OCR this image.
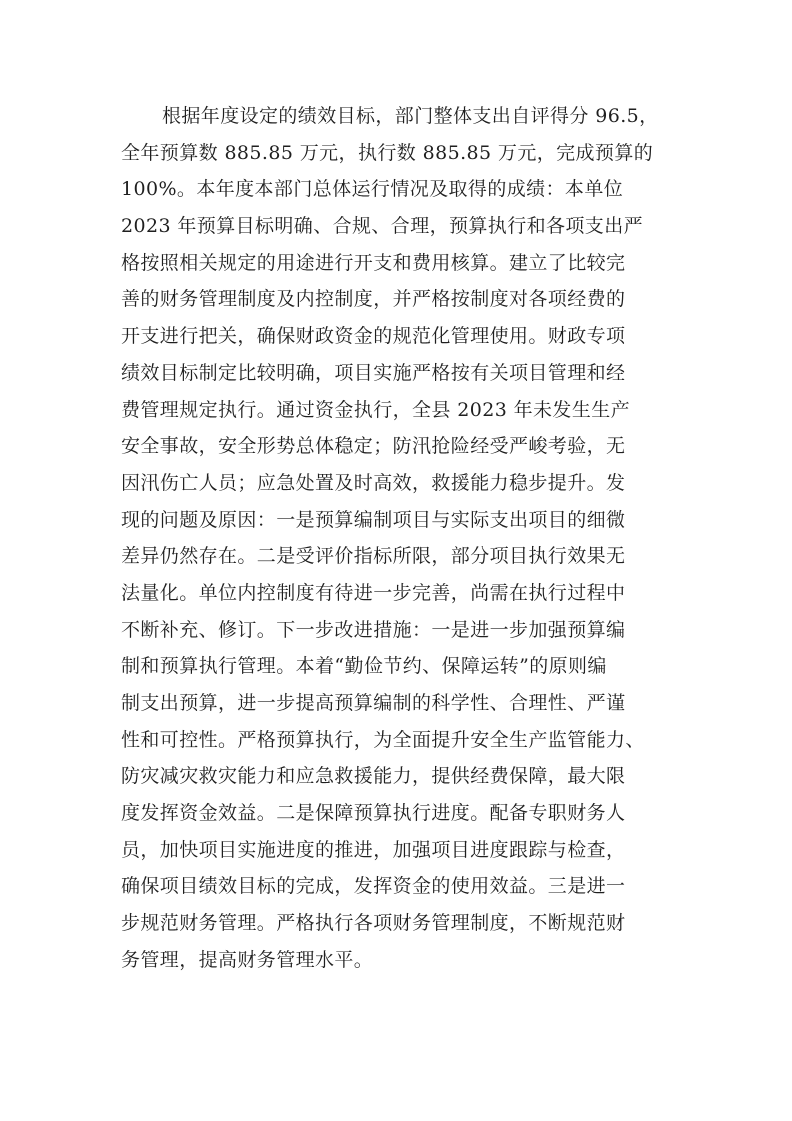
根据年度设定的绩效目标，部门整体支出自评得分 96.5，
全年预算数 885.85 万元，执行数 885.85 万元，完成预算的
100%。本年度本部门总体运行情况及取得的成绩：本单位
2023 年预算目标明确、合规、合理，预算执行和各项支出严
格按照相关规定的用途进行开支和费用核算。建立了比较完
善的财务管理制度及内控制度，并严格按制度对各项经费的
开支进行把关，确保财政资金的规范化管理使用。财政专项
绩效目标制定比较明确，项目实施严格按有关项目管理和经
费管理规定执行。通过资金执行，全县 2023 年未发生生产
安全事故，安全形势总体稳定；防汛抢险经受严峻考验，无
因汛伤亡人员；应急处置及时高效，救援能力稳步提升。发
现的问题及原因：一是预算编制项目与实际支出项目的细微
差异仍然存在。二是受评价指标所限，部分项目执行效果无
法量化。单位内控制度有待进一步完善，尚需在执行过程中
不断补充、修订。下一步改进措施：一是进一步加强预算编
制和预算执行管理。本着“勤俭节约、保障运转”的原则编
制支出预算，进一步提高预算编制的科学性、合理性、严谨
性和可控性。严格预算执行，为全面提升安全生产监管能力、
防灾减灾救灾能力和应急救援能力，提供经费保障，最大限
度发挥资金效益。二是保障预算执行进度。配备专职财务人
员，加快项目实施进度的推进，加强项目进度跟踪与检查，
确保项目绩效目标的完成，发挥资金的使用效益。三是进一
步规范财务管理。严格执行各项财务管理制度，不断规范财
务管理，提高财务管理水平。
